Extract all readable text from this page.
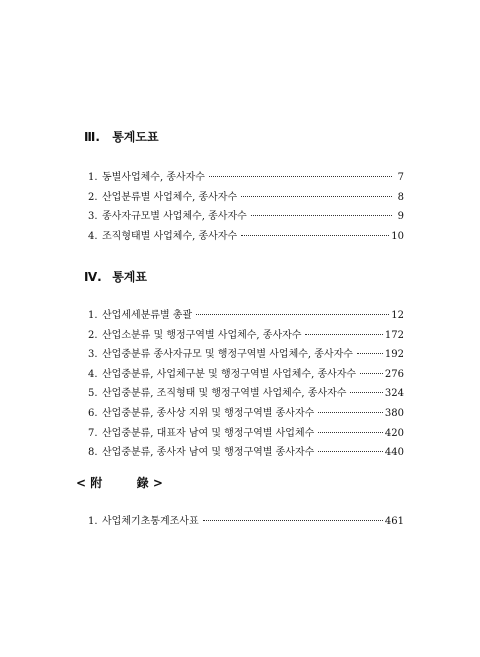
Ⅲ. 통계도표
1. 동별사업체수, 종사자수	7
2. 산업분류별 사업체수, 종사자수	8
3. 종사자규모별 사업체수, 종사자수	9
4. 조직형태별 사업체수, 종사자수	10
Ⅳ. 통계표
1. 산업세세분류별 총괄	12
2. 산업소분류 및 행정구역별 사업체수, 종사자수	172
3. 산업중분류 종사자규모 및 행정구역별 사업체수, 종사자수	192
4. 산업중분류, 사업체구분 및 행정구역별 사업체수, 종사자수	276
5. 산업중분류, 조직형태 및 행정구역별 사업체수, 종사자수	324
6. 산업중분류, 종사상 지위 및 행정구역별 종사자수	380
7. 산업중분류, 대표자 남여 및 행정구역별 사업체수	420
8. 산업중분류, 종사자 남여 및 행정구역별 종사자수	440
< 附	錄 >
1. 사업체기초통계조사표	461
